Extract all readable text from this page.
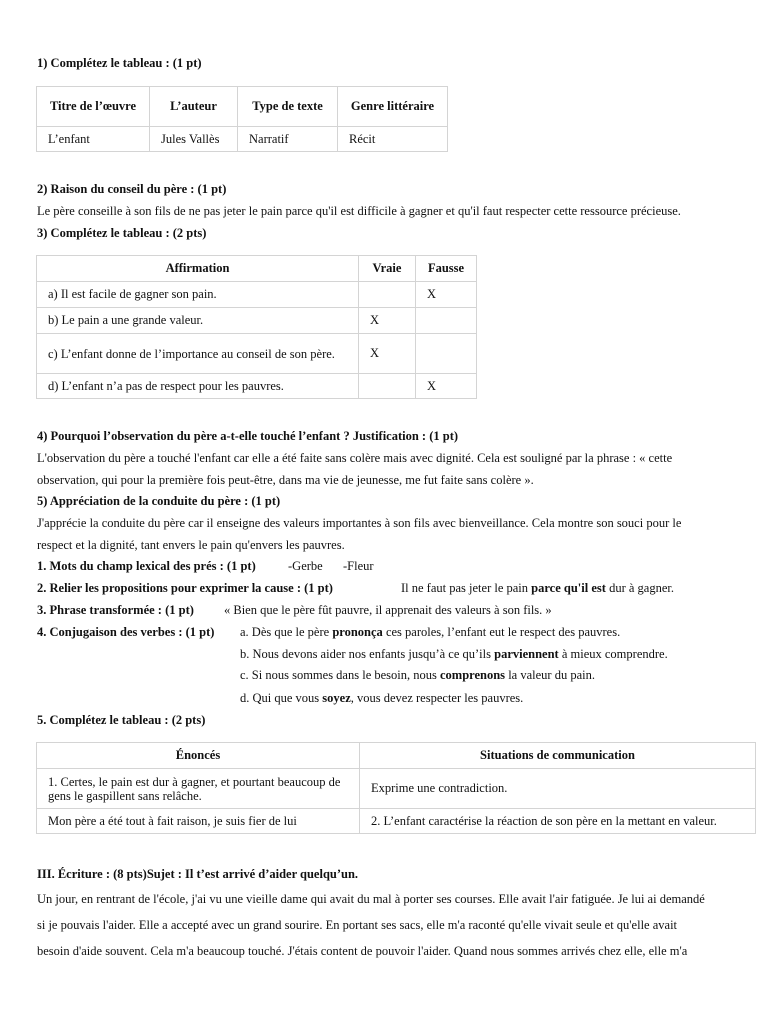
1) Complétez le tableau : (1 pt)
Titre de l’œuvre	L’auteur	Type de texte	Genre littéraire
L’enfant	Jules Vallès	Narratif	Récit
2) Raison du conseil du père : (1 pt)
Le père conseille à son fils de ne pas jeter le pain parce qu'il est difficile à gagner et qu'il faut respecter cette ressource précieuse.
3) Complétez le tableau : (2 pts)
Affirmation	Vraie	Fausse
a) Il est facile de gagner son pain.		X
b) Le pain a une grande valeur.	X	
c) L’enfant donne de l’importance au conseil de son père.	X	
d) L’enfant n’a pas de respect pour les pauvres.		X
4) Pourquoi l’observation du père a-t-elle touché l’enfant ? Justification : (1 pt)
L'observation du père a touché l'enfant car elle a été faite sans colère mais avec dignité. Cela est souligné par la phrase : « cette
observation, qui pour la première fois peut-être, dans ma vie de jeunesse, me fut faite sans colère ».
5) Appréciation de la conduite du père : (1 pt)
J'apprécie la conduite du père car il enseigne des valeurs importantes à son fils avec bienveillance. Cela montre son souci pour le
respect et la dignité, tant envers le pain qu'envers les pauvres.
1. Mots du champ lexical des prés : (1 pt)	-Gerbe -Fleur
2. Relier les propositions pour exprimer la cause : (1 pt)	Il ne faut pas jeter le pain parce qu'il est dur à gagner.
3. Phrase transformée : (1 pt) « Bien que le père fût pauvre, il apprenait des valeurs à son fils. »
4. Conjugaison des verbes : (1 pt) a. Dès que le père prononça ces paroles, l’enfant eut le respect des pauvres.
b. Nous devons aider nos enfants jusqu’à ce qu’ils parviennent à mieux comprendre.
c. Si nous sommes dans le besoin, nous comprenons la valeur du pain.
d. Qui que vous soyez, vous devez respecter les pauvres.
5. Complétez le tableau : (2 pts)
Énoncés	Situations de communication
1. Certes, le pain est dur à gagner, et pourtant beaucoup de gens le gaspillent sans relâche.	Exprime une contradiction.
Mon père a été tout à fait raison, je suis fier de lui	2. L’enfant caractérise la réaction de son père en la mettant en valeur.
III. Écriture : (8 pts)Sujet : Il t’est arrivé d’aider quelqu’un.
Un jour, en rentrant de l'école, j'ai vu une vieille dame qui avait du mal à porter ses courses. Elle avait l'air fatiguée. Je lui ai demandé
si je pouvais l'aider. Elle a accepté avec un grand sourire. En portant ses sacs, elle m'a raconté qu'elle vivait seule et qu'elle avait
besoin d'aide souvent. Cela m'a beaucoup touché. J'étais content de pouvoir l'aider. Quand nous sommes arrivés chez elle, elle m'a
